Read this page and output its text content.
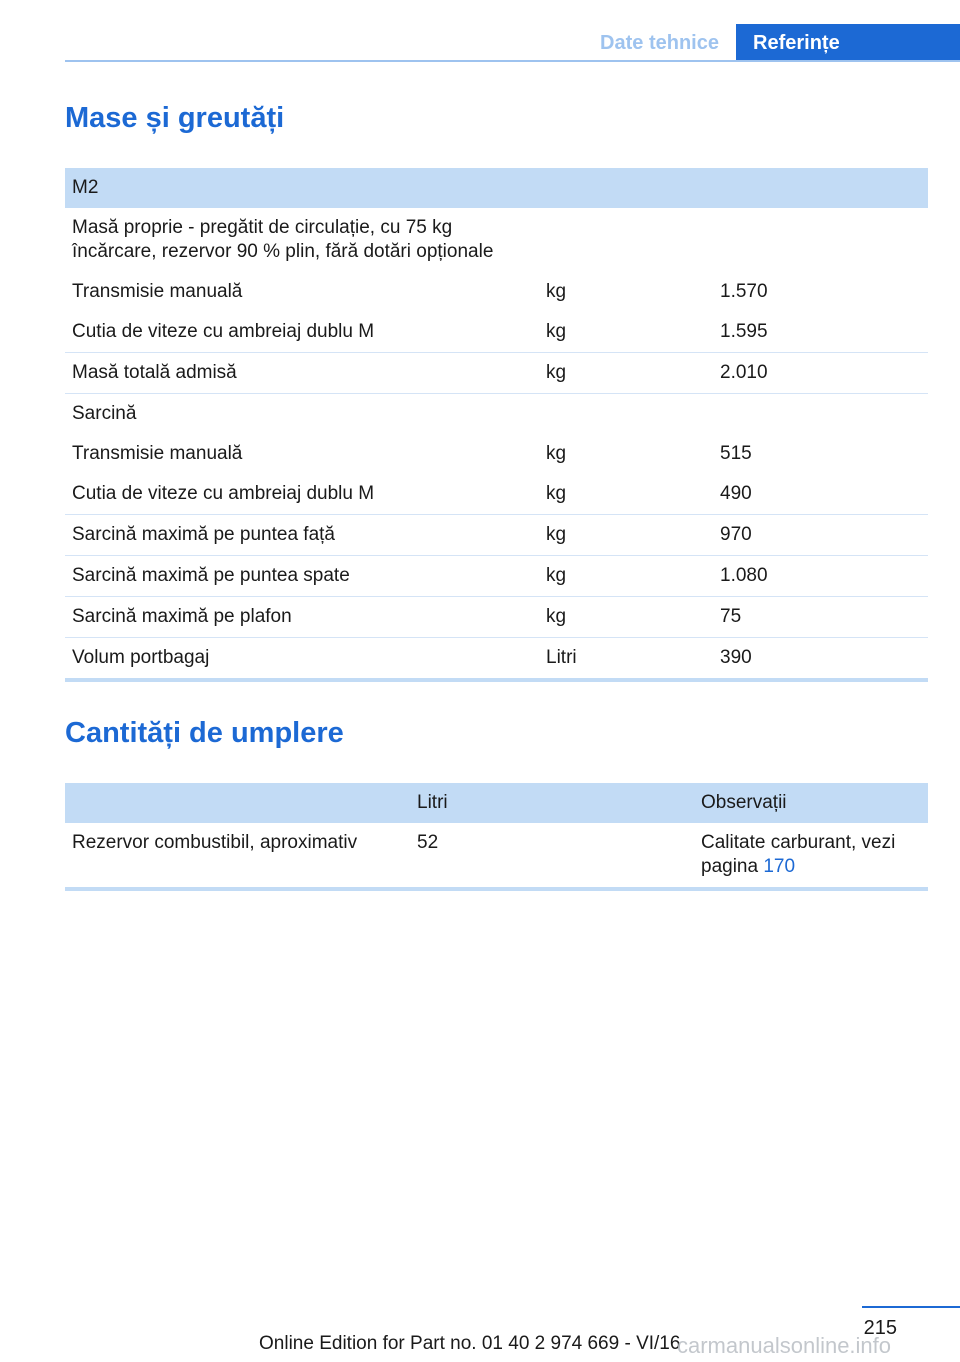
Date tehnice	Referințe
Mase și greutăți
M2		

Masă proprie - pregătit de circulație, cu 75 kg încărcare, rezervor 90 % plin, fără dotări opționale		

Transmisie manuală	kg	1.570
Cutia de viteze cu ambreiaj dublu M	kg	1.595
Masă totală admisă	kg	2.010
Sarcină		
Transmisie manuală	kg	515
Cutia de viteze cu ambreiaj dublu M	kg	490
Sarcină maximă pe puntea față	kg	970
Sarcină maximă pe puntea spate	kg	1.080
Sarcină maximă pe plafon	kg	75
Volum portbagaj	Litri	390
Cantități de umplere
	Litri	Observații
Rezervor combustibil, aproximativ	52	Calitate carburant, vezi pagina 170
215
Online Edition for Part no. 01 40 2 974 669 - VI/16
carmanualsonline.info
